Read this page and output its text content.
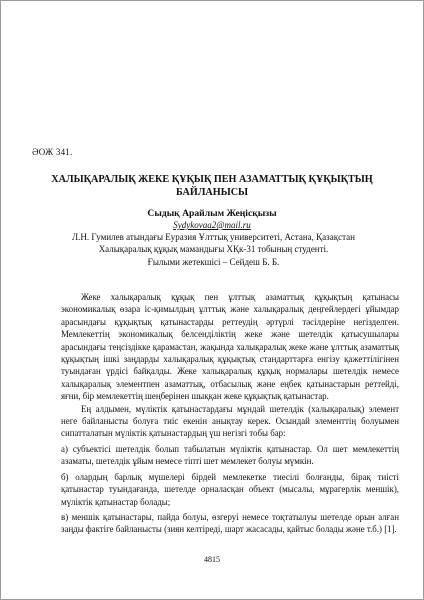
ӘОЖ 341.
ХАЛЫҚАРАЛЫҚ ЖЕКЕ ҚҰҚЫҚ ПЕН АЗАМАТТЫҚ ҚҰҚЫҚТЫҢ
БАЙЛАНЫСЫ
Сыдық Арайлым Жеңісқызы
Sydykovaa2@mail.ru
Л.Н. Гумилев атындағы Еуразия Ұлттық университеті, Астана, Қазақстан
Халықаралық құқық мамандығы ХҚк-31 тобының студенті.
Ғылыми жетекшісі – Сейдеш Б. Б.

Жеке халықаралық құқық пен ұлттық азаматтық құқықтың қатынасы экономикалық өзара іс-қимылдың ұлттық және халықаралық деңгейлердегі ұйымдар арасындағы құқықтық қатынастарды реттеудің әртүрлі тәсілдеріне негізделген. Мемлекеттің экономикалық белсенділіктің жеке және шетелдік қатысушылары арасындағы теңсіздікке қарамастан, жақында халықаралық жеке және ұлттық азаматтық құқықтың ішкі заңдарды халықаралық құқықтық стандарттарға енгізу қажеттілігінен туындаған үрдісі байқалды. Жеке халықаралық құқық нормалары шетелдік немесе халықаралық элементпен азаматтық, отбасылық және еңбек қатынастарын реттейді, яғни, бір мемлекеттің шеңберінен шыққан жеке құқықтық қатынастар.

Ең алдымен, мүліктік қатынастардағы мұндай шетелдік (халықаралық) элемент неге байланысты болуға тиіс екенін анықтау керек. Осындай элементтің болуымен сипатталатын мүліктік қатынастардың үш негізгі тобы бар:

а) субъектісі шетелдік болып табылатын мүліктік қатынастар. Ол шет мемлекеттің азаматы, шетелдік ұйым немесе тіпті шет мемлекет болуы мүмкін.

б) олардың барлық мүшелері бірдей мемлекетке тиесілі болғанды, бірақ тиісті қатынастар туындағанда, шетелде орналасқан объект (мысалы, мұрагерлік меншік), мүліктік қатынастар болады;

в) меншік қатынастары, пайда болуы, өзгеруі немесе тоқтатылуы шетелде орын алған заңды фактіге байланысты (зиян келтіреді, шарт жасасады, қайтыс болады және т.б.) [1].

4815
